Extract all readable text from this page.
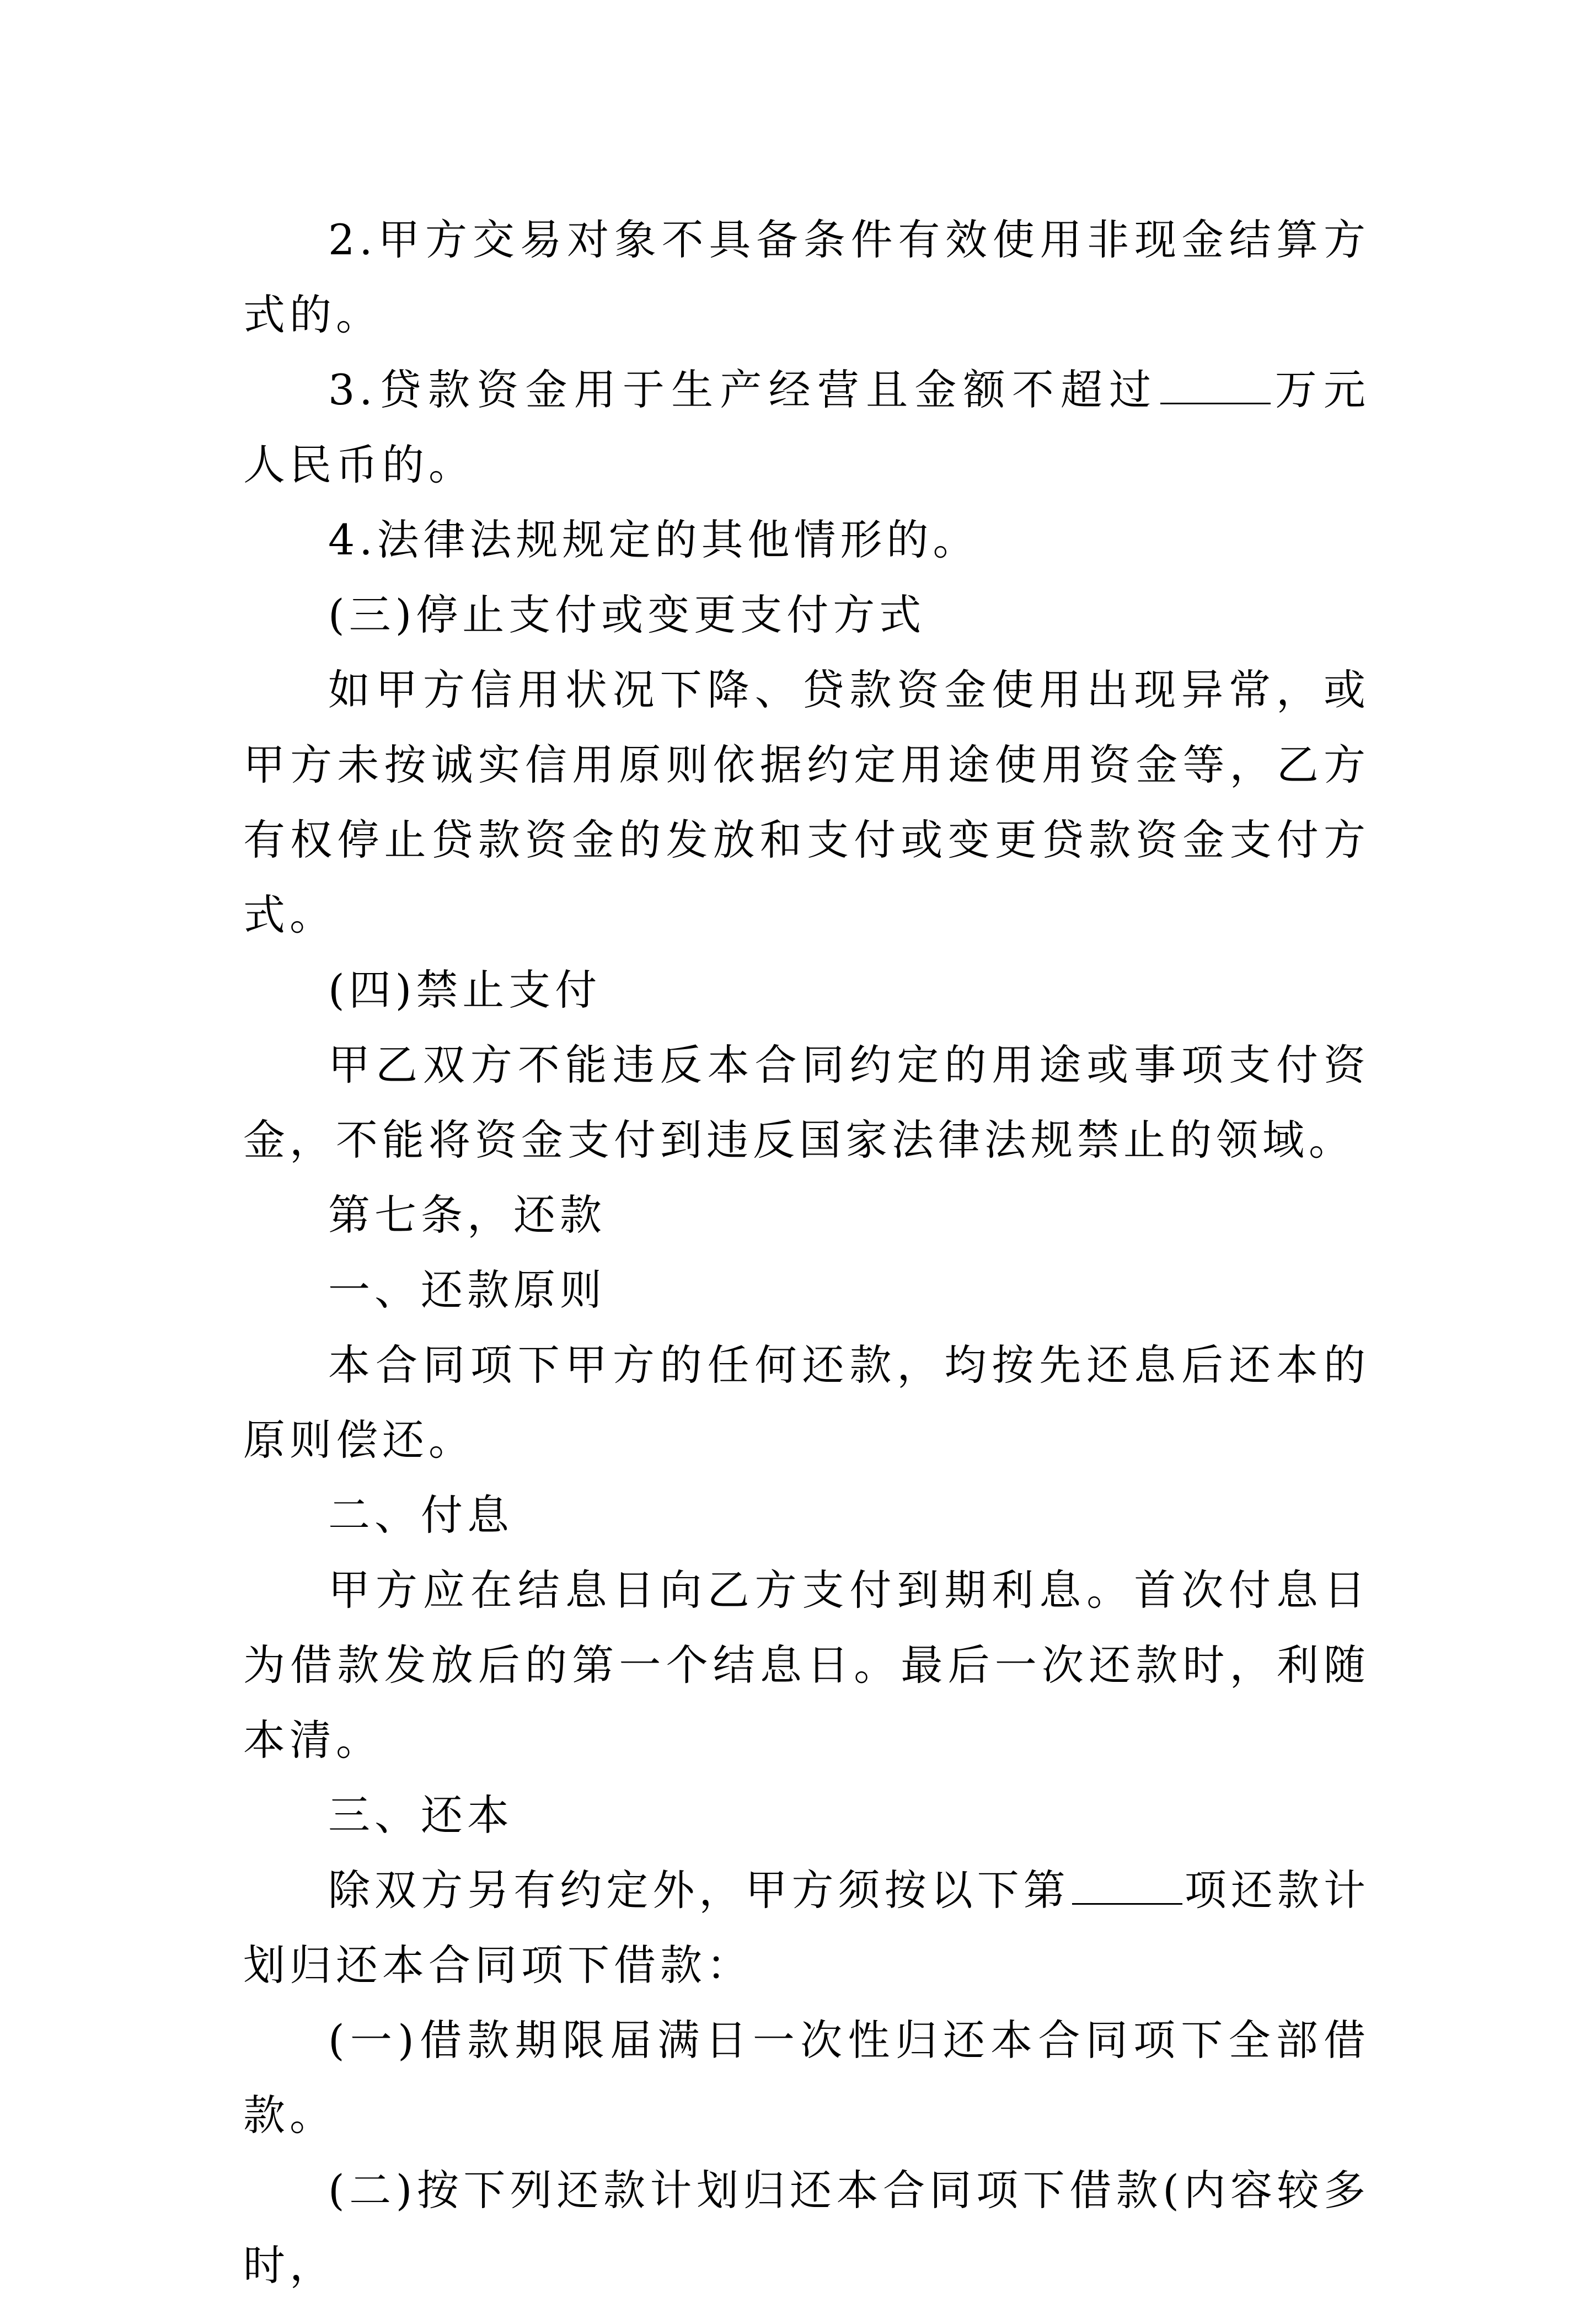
2.甲方交易对象不具备条件有效使用非现金结算方式的。

3.贷款资金用于生产经营且金额不超过	万元人民币的。

4.法律法规规定的其他情形的。

(三)停止支付或变更支付方式

如甲方信用状况下降、贷款资金使用出现异常，或甲方未按诚实信用原则依据约定用途使用资金等，乙方有权停止贷款资金的发放和支付或变更贷款资金支付方式。

(四)禁止支付

甲乙双方不能违反本合同约定的用途或事项支付资金，不能将资金支付到违反国家法律法规禁止的领域。

第七条，还款

一、还款原则

本合同项下甲方的任何还款，均按先还息后还本的原则偿还。

二、付息

甲方应在结息日向乙方支付到期利息。首次付息日为借款发放后的第一个结息日。最后一次还款时，利随本清。

三、还本

除双方另有约定外，甲方须按以下第	项还款计划归还本合同项下借款：

(一)借款期限届满日一次性归还本合同项下全部借款。

(二)按下列还款计划归还本合同项下借款(内容较多时，
